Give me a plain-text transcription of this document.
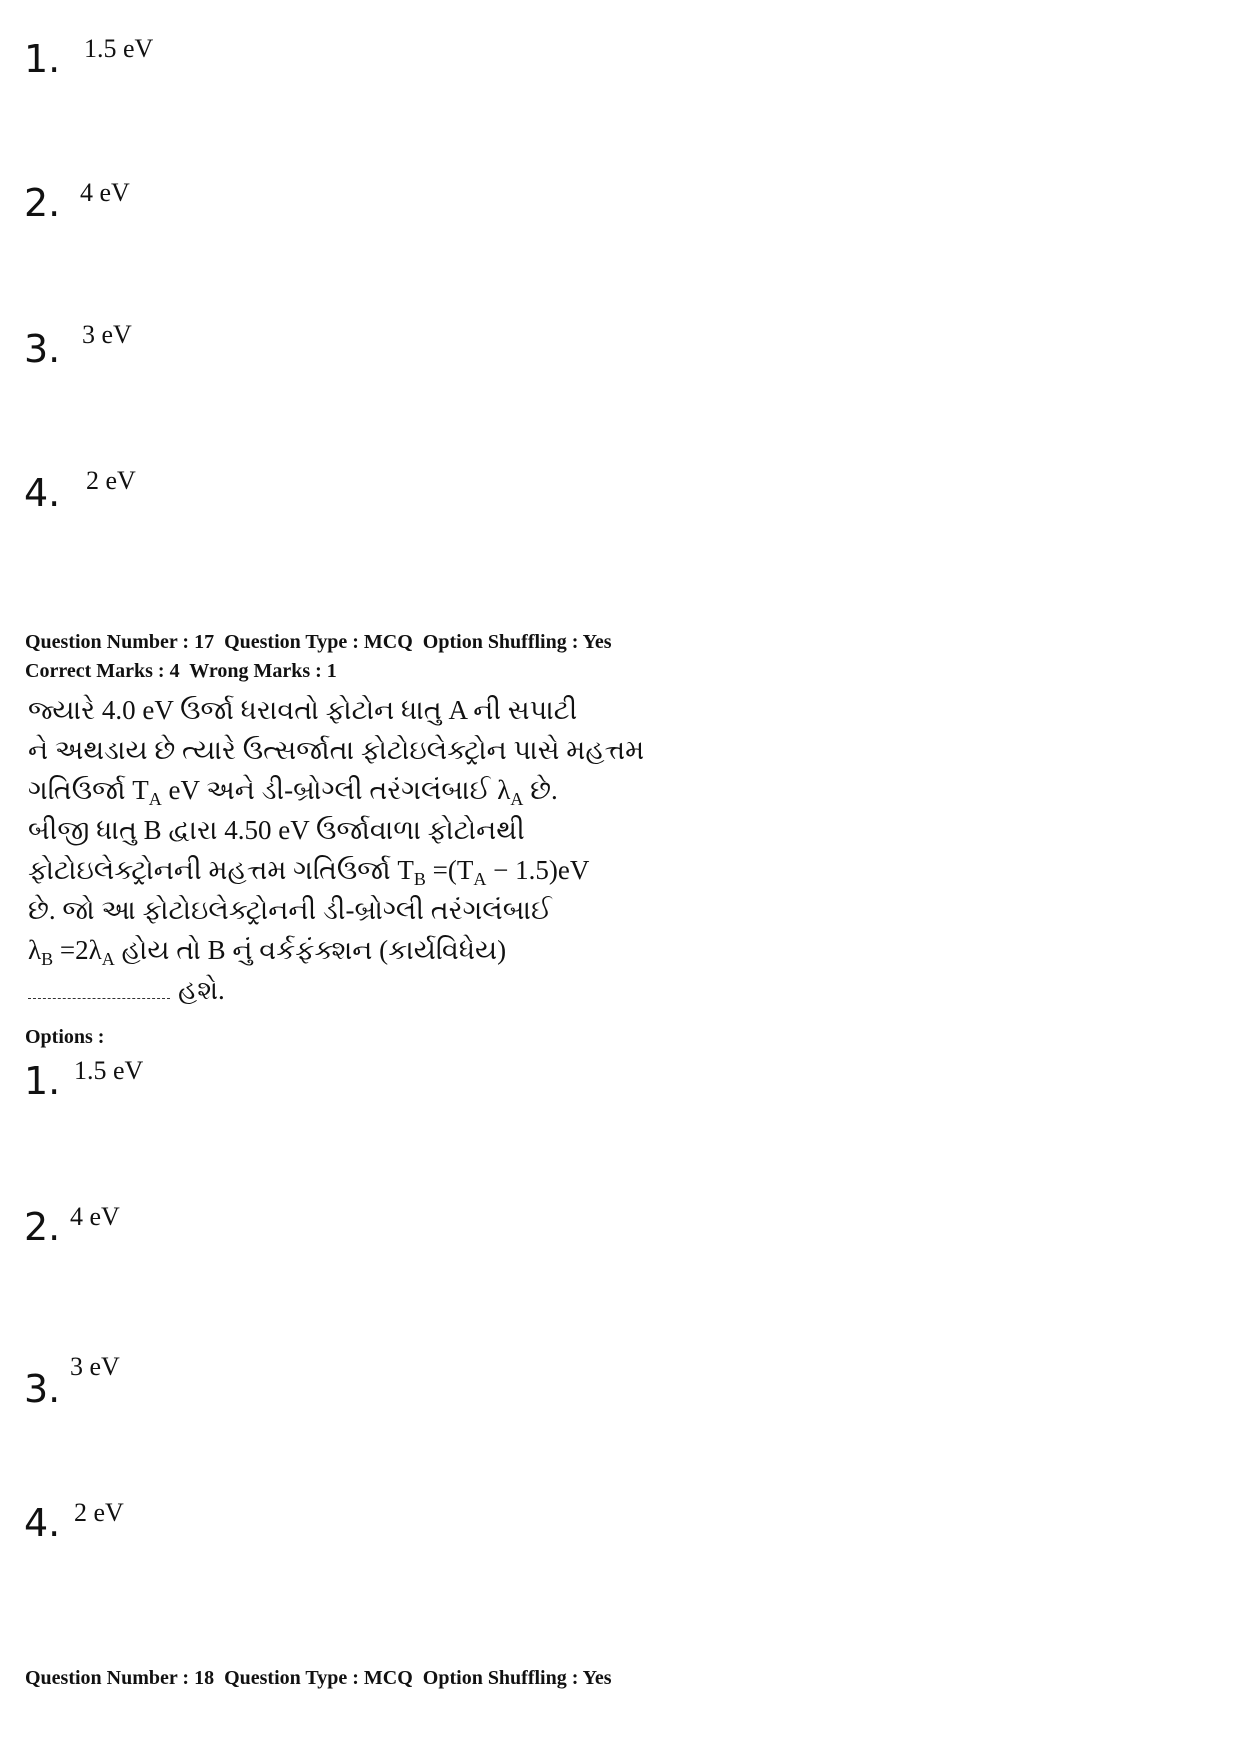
1. 1.5 eV
2. 4 eV
3. 3 eV
4. 2 eV
Question Number : 17  Question Type : MCQ  Option Shuffling : Yes
Correct Marks : 4  Wrong Marks : 1
જ્યારે 4.0 eV ઉર્જા ધરાવતો ફોટોન ધાતુ A ની સપાટી
ને અથડાય છે ત્યારે ઉત્સર્જાતા ફોટોઇલેક્ટ્રોન પાસે મહત્તમ
ગતિઉર્જા $T_A$ eV અને ડી-બ્રોગ્લી તરંગલંબાઈ $\lambda_A$ છે.
બીજી ધાતુ B દ્વારા 4.50 eV ઉર્જાવાળા ફોટોનથી
ફોટોઇલેક્ટ્રોનની મહત્તમ ગતિઉર્જા $T_B =(T_A - 1.5)eV$
છે. જો આ ફોટોઇલેક્ટ્રોનની ડી-બ્રોગ્લી તરંગલંબાઈ
$\lambda_B =2\lambda_A$ હોય તો B નું વર્કફંક્શન (કાર્યવિધેય)
હશે.
Options :
1. 1.5 eV
2. 4 eV
3.
3 eV
4. 2 eV
Question Number : 18  Question Type : MCQ  Option Shuffling : Yes
